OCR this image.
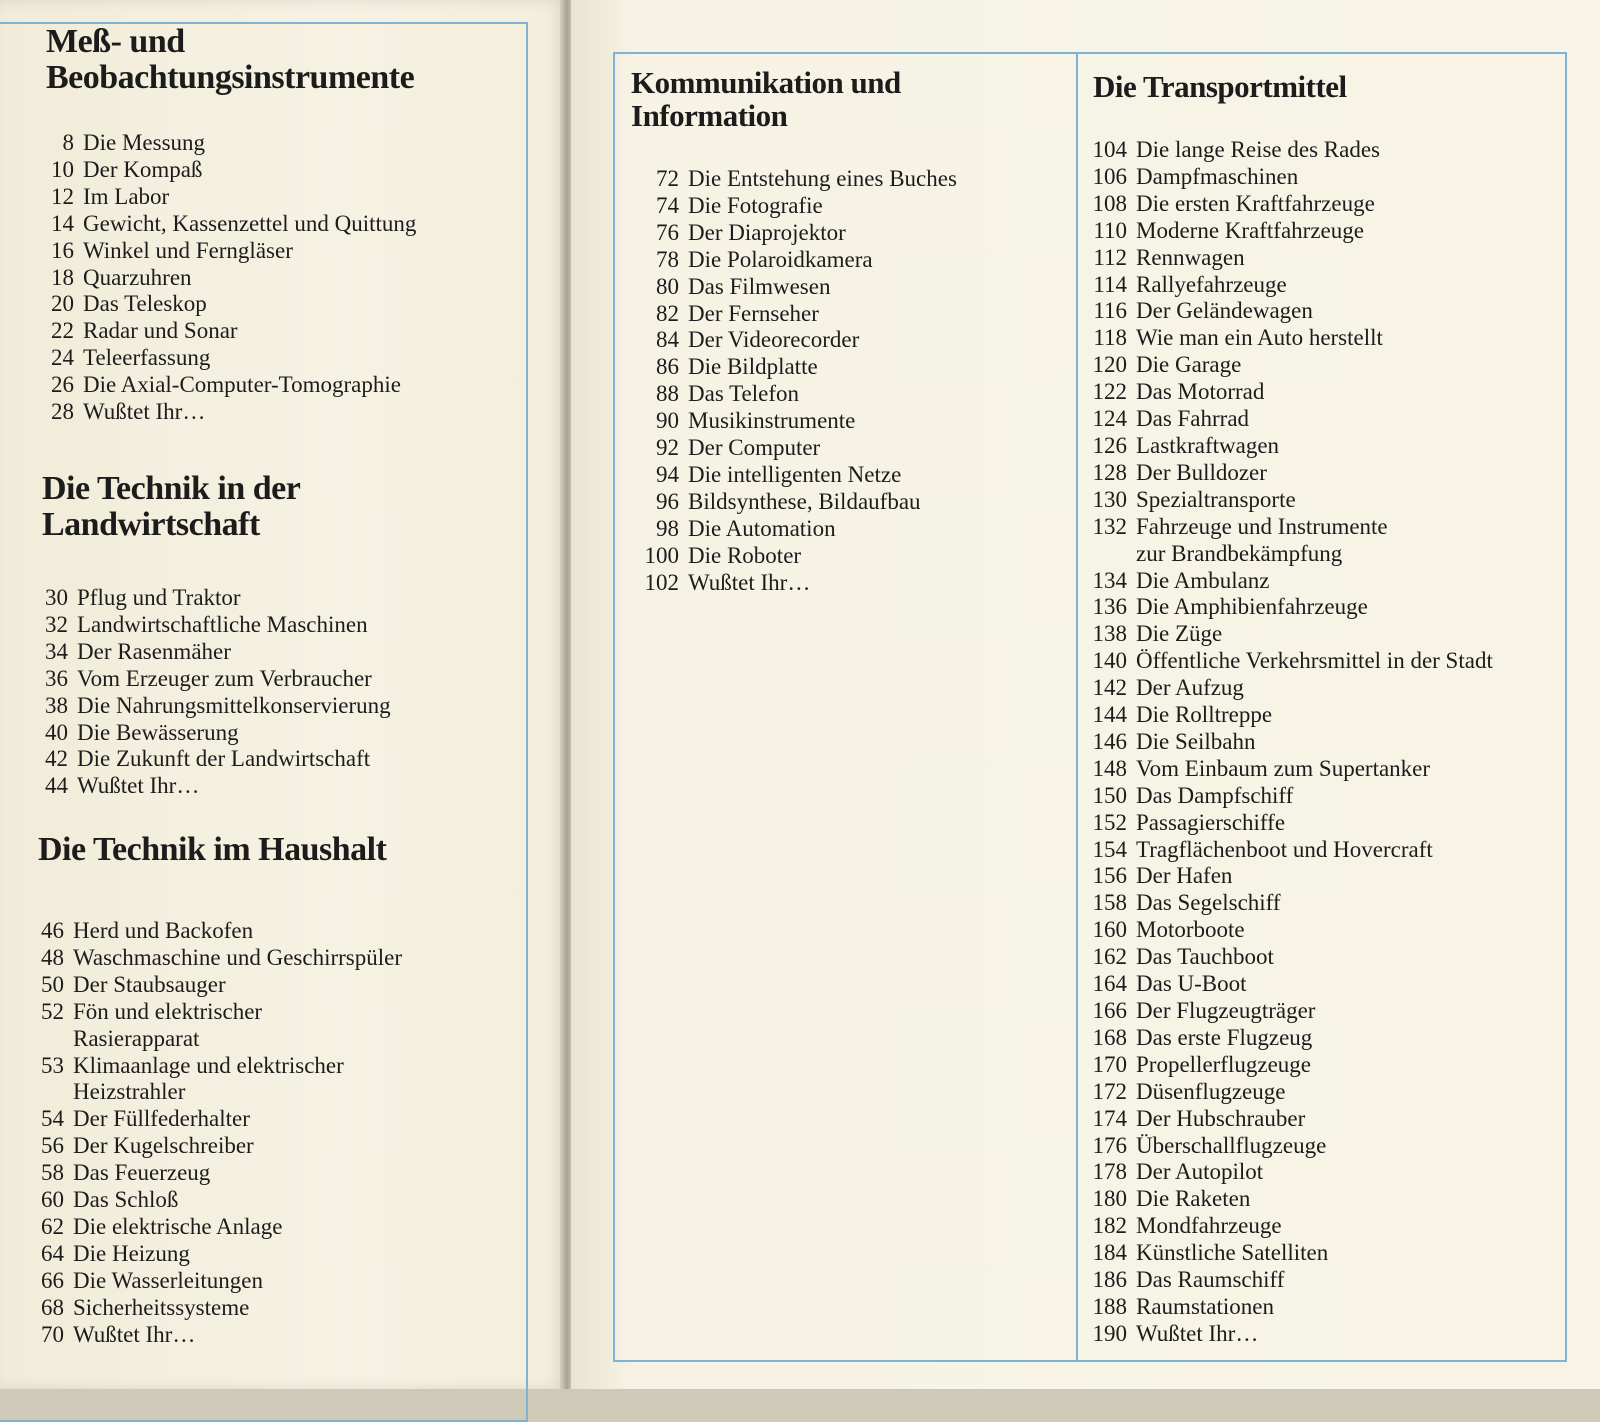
Meß- und
Beobachtungsinstrumente
8 Die Messung
10 Der Kompaß
12 Im Labor
14 Gewicht, Kassenzettel und Quittung
16 Winkel und Ferngläser
18 Quarzuhren
20 Das Teleskop
22 Radar und Sonar
24 Teleerfassung
26 Die Axial-Computer-Tomographie
28 Wußtet Ihr…
Die Technik in der
Landwirtschaft
30 Pflug und Traktor
32 Landwirtschaftliche Maschinen
34 Der Rasenmäher
36 Vom Erzeuger zum Verbraucher
38 Die Nahrungsmittelkonservierung
40 Die Bewässerung
42 Die Zukunft der Landwirtschaft
44 Wußtet Ihr…
Die Technik im Haushalt
46 Herd und Backofen
48 Waschmaschine und Geschirrspüler
50 Der Staubsauger
52 Fön und elektrischer
Rasierapparat
53 Klimaanlage und elektrischer
Heizstrahler
54 Der Füllfederhalter
56 Der Kugelschreiber
58 Das Feuerzeug
60 Das Schloß
62 Die elektrische Anlage
64 Die Heizung
66 Die Wasserleitungen
68 Sicherheitssysteme
70 Wußtet Ihr…
Kommunikation und
Information
72 Die Entstehung eines Buches
74 Die Fotografie
76 Der Diaprojektor
78 Die Polaroidkamera
80 Das Filmwesen
82 Der Fernseher
84 Der Videorecorder
86 Die Bildplatte
88 Das Telefon
90 Musikinstrumente
92 Der Computer
94 Die intelligenten Netze
96 Bildsynthese, Bildaufbau
98 Die Automation
100 Die Roboter
102 Wußtet Ihr…
Die Transportmittel
104 Die lange Reise des Rades
106 Dampfmaschinen
108 Die ersten Kraftfahrzeuge
110 Moderne Kraftfahrzeuge
112 Rennwagen
114 Rallyefahrzeuge
116 Der Geländewagen
118 Wie man ein Auto herstellt
120 Die Garage
122 Das Motorrad
124 Das Fahrrad
126 Lastkraftwagen
128 Der Bulldozer
130 Spezialtransporte
132 Fahrzeuge und Instrumente
zur Brandbekämpfung
134 Die Ambulanz
136 Die Amphibienfahrzeuge
138 Die Züge
140 Öffentliche Verkehrsmittel in der Stadt
142 Der Aufzug
144 Die Rolltreppe
146 Die Seilbahn
148 Vom Einbaum zum Supertanker
150 Das Dampfschiff
152 Passagierschiffe
154 Tragflächenboot und Hovercraft
156 Der Hafen
158 Das Segelschiff
160 Motorboote
162 Das Tauchboot
164 Das U-Boot
166 Der Flugzeugträger
168 Das erste Flugzeug
170 Propellerflugzeuge
172 Düsenflugzeuge
174 Der Hubschrauber
176 Überschallflugzeuge
178 Der Autopilot
180 Die Raketen
182 Mondfahrzeuge
184 Künstliche Satelliten
186 Das Raumschiff
188 Raumstationen
190 Wußtet Ihr…
